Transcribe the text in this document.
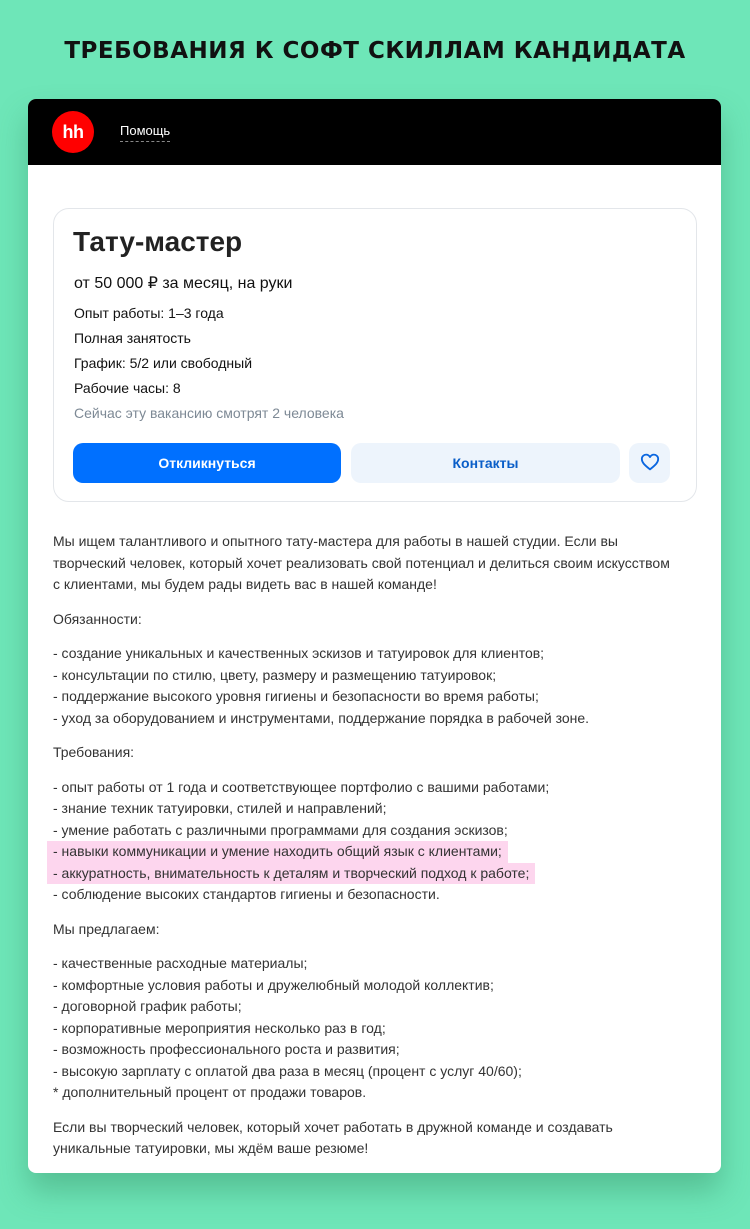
ТРЕБОВАНИЯ К СОФТ СКИЛЛАМ КАНДИДАТА
hh	Помощь
Тату-мастер
от 50 000 ₽ за месяц, на руки
Опыт работы: 1–3 года
Полная занятость
График: 5/2 или свободный
Рабочие часы: 8
Сейчас эту вакансию смотрят 2 человека
Откликнуться	Контакты

Мы ищем талантливого и опытного тату-мастера для работы в нашей студии. Если вы творческий человек, который хочет реализовать свой потенциал и делиться своим искусством с клиентами, мы будем рады видеть вас в нашей команде!

Обязанности:

- создание уникальных и качественных эскизов и татуировок для клиентов;
- консультации по стилю, цвету, размеру и размещению татуировок;
- поддержание высокого уровня гигиены и безопасности во время работы;
- уход за оборудованием и инструментами, поддержание порядка в рабочей зоне.

Требования:

- опыт работы от 1 года и соответствующее портфолио с вашими работами;
- знание техник татуировки, стилей и направлений;
- умение работать с различными программами для создания эскизов;
- навыки коммуникации и умение находить общий язык с клиентами;
- аккуратность, внимательность к деталям и творческий подход к работе;
- соблюдение высоких стандартов гигиены и безопасности.

Мы предлагаем:

- качественные расходные материалы;
- комфортные условия работы и дружелюбный молодой коллектив;
- договорной график работы;
- корпоративные мероприятия несколько раз в год;
- возможность профессионального роста и развития;
- высокую зарплату с оплатой два раза в месяц (процент с услуг 40/60);
* дополнительный процент от продажи товаров.

Если вы творческий человек, который хочет работать в дружной команде и создавать уникальные татуировки, мы ждём ваше резюме!
